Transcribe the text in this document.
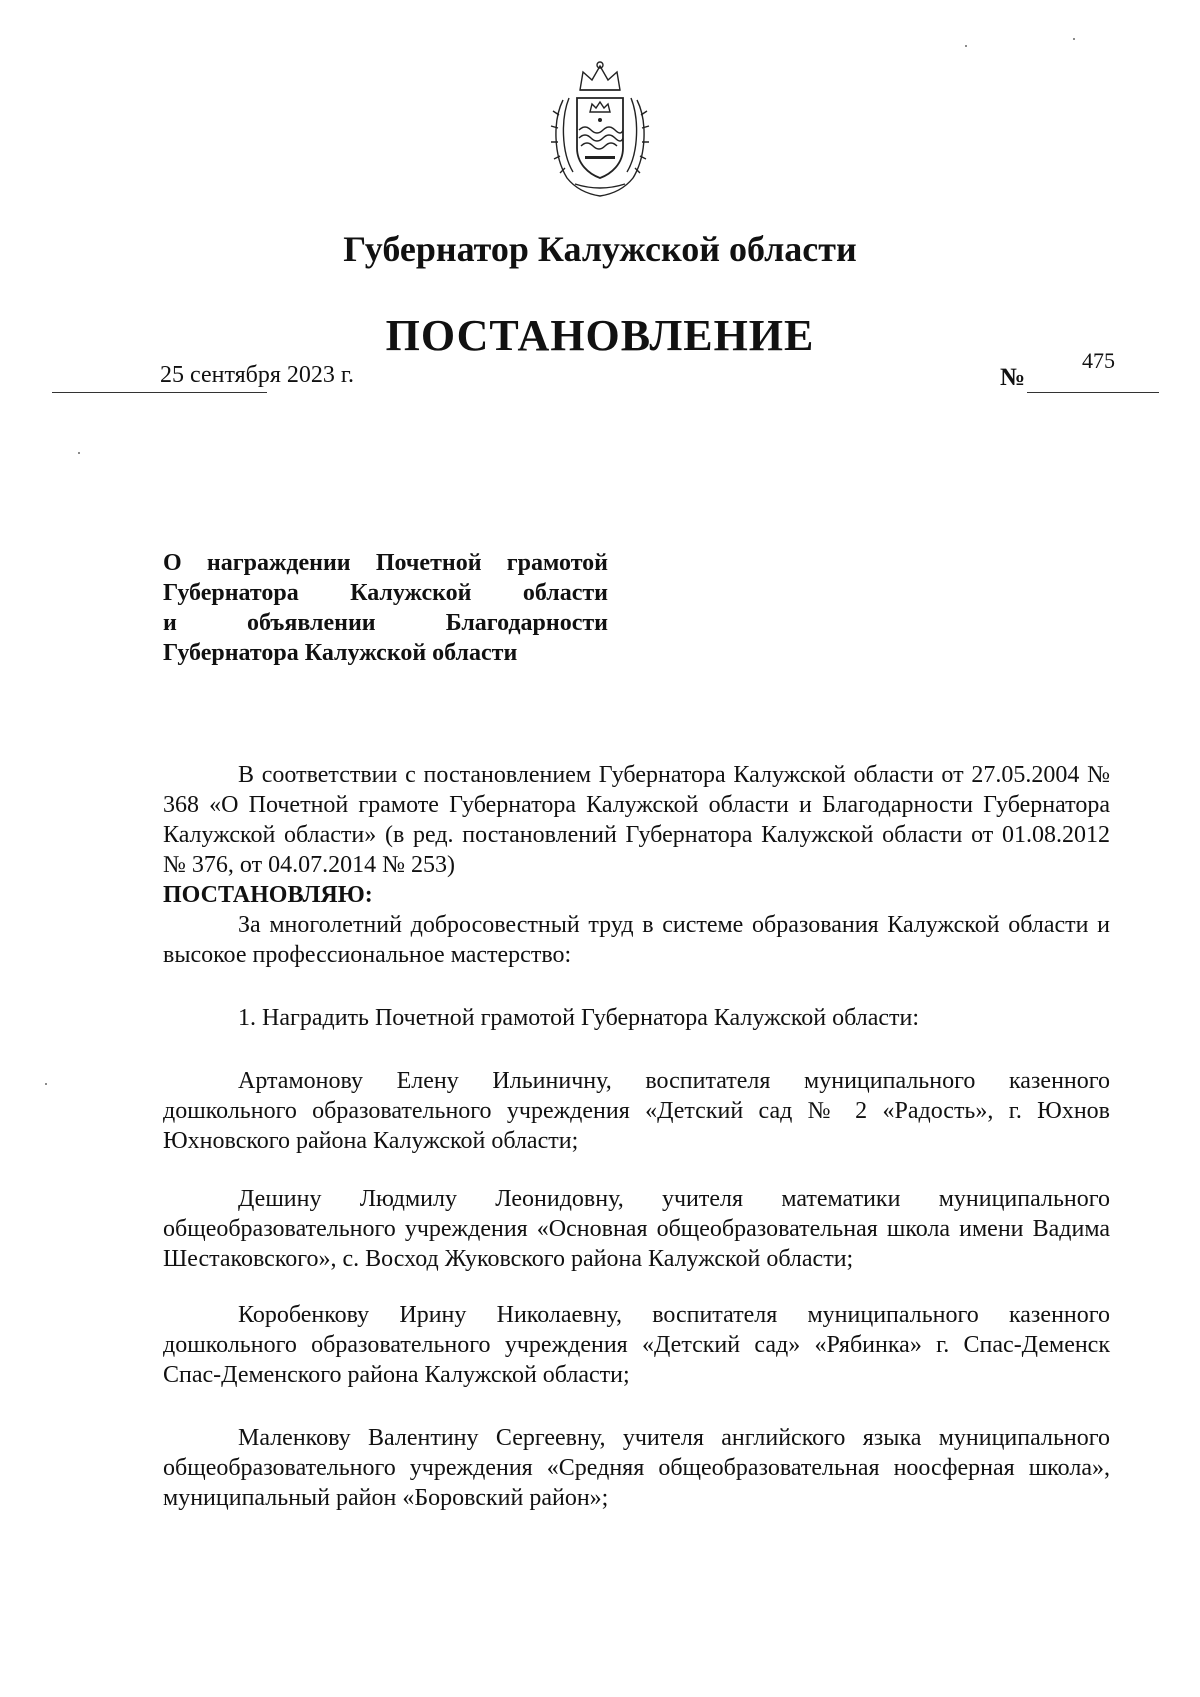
Губернатор Калужской области
ПОСТАНОВЛЕНИЕ
25 сентября 2023 г.	№
475
О награждении Почетной грамотой
Губернатора Калужской области
и объявлении Благодарности
Губернатора Калужской области
В соответствии с постановлением Губернатора Калужской области от 27.05.2004 № 368 «О Почетной грамоте Губернатора Калужской области и Благодарности Губернатора Калужской области» (в ред. постановлений Губернатора Калужской области от 01.08.2012 № 376, от 04.07.2014 № 253)
ПОСТАНОВЛЯЮ:
За многолетний добросовестный труд в системе образования Калужской области и высокое профессиональное мастерство:
1. Наградить Почетной грамотой Губернатора Калужской области:
Артамонову Елену Ильиничну, воспитателя муниципального казенного дошкольного образовательного учреждения «Детский сад № 2 «Радость», г. Юхнов Юхновского района Калужской области;
Дешину Людмилу Леонидовну, учителя математики муниципального общеобразовательного учреждения «Основная общеобразовательная школа имени Вадима Шестаковского», с. Восход Жуковского района Калужской области;
Коробенкову Ирину Николаевну, воспитателя муниципального казенного дошкольного образовательного учреждения «Детский сад» «Рябинка» г. Спас-Деменск Спас-Деменского района Калужской области;
Маленкову Валентину Сергеевну, учителя английского языка муниципального общеобразовательного учреждения «Средняя общеобразовательная ноосферная школа», муниципальный район «Боровский район»;
